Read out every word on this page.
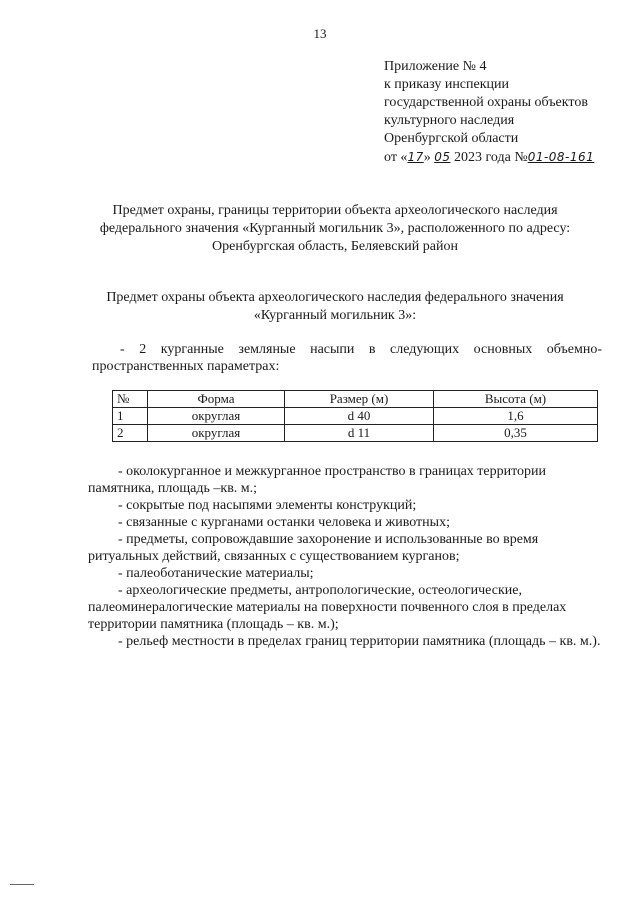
13
Приложение № 4
к приказу инспекции
государственной охраны объектов
культурного наследия
Оренбургской области
от «17» 05 2023 года №01-08-161
Предмет охраны, границы территории объекта археологического наследия федерального значения «Курганный могильник 3», расположенного по адресу: Оренбургская область, Беляевский район
Предмет охраны объекта археологического наследия федерального значения «Курганный могильник 3»:
- 2 курганные земляные насыпи в следующих основных объемно-пространственных параметрах:
№	Форма	Размер (м)	Высота (м)
1	округлая	d 40	1,6
2	округлая	d 11	0,35
- околокурганное и межкурганное пространство в границах территории памятника, площадь –кв. м.;
- сокрытые под насыпями элементы конструкций;
- связанные с курганами останки человека и животных;
- предметы, сопровождавшие захоронение и использованные во время ритуальных действий, связанных с существованием курганов;
- палеоботанические материалы;
- археологические предметы, антропологические, остеологические, палеоминералогические материалы на поверхности почвенного слоя в пределах территории памятника (площадь – кв. м.);
- рельеф местности в пределах границ территории памятника (площадь – кв. м.).
